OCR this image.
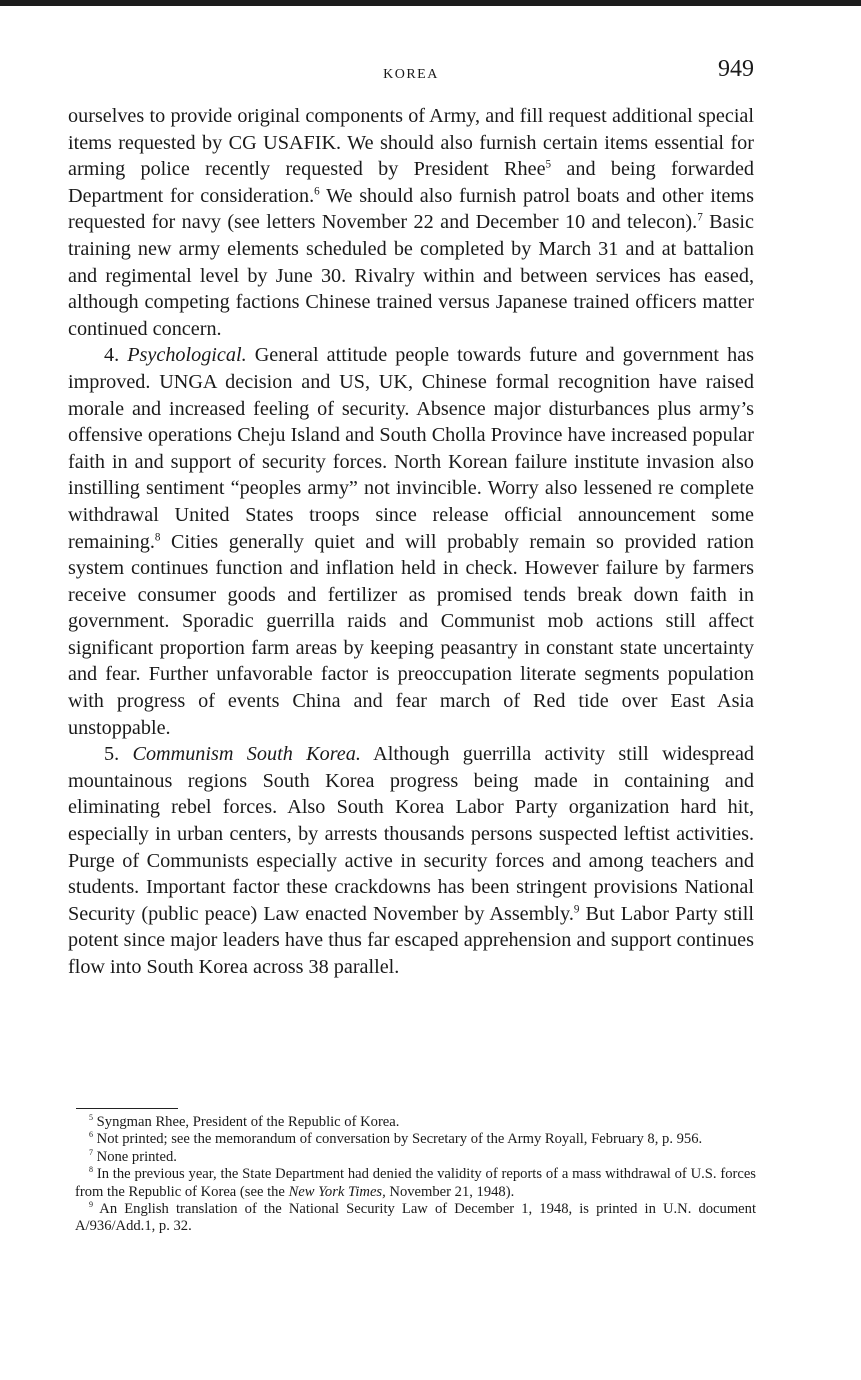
KOREA	949

ourselves to provide original components of Army, and fill request additional special items requested by CG USAFIK. We should also furnish certain items essential for arming police recently requested by President Rhee$^5$ and being forwarded Department for consideration.$^6$ We should also furnish patrol boats and other items requested for navy (see letters November 22 and December 10 and telecon).$^7$ Basic training new army elements scheduled be completed by March 31 and at battalion and regimental level by June 30. Rivalry within and between services has eased, although competing factions Chinese trained versus Japanese trained officers matter continued concern.

4. Psychological. General attitude people towards future and government has improved. UNGA decision and US, UK, Chinese formal recognition have raised morale and increased feeling of security. Absence major disturbances plus army’s offensive operations Cheju Island and South Cholla Province have increased popular faith in and support of security forces. North Korean failure institute invasion also instilling sentiment “peoples army” not invincible. Worry also lessened re complete withdrawal United States troops since release official announcement some remaining.$^8$ Cities generally quiet and will probably remain so provided ration system continues function and inflation held in check. However failure by farmers receive consumer goods and fertilizer as promised tends break down faith in government. Sporadic guerrilla raids and Communist mob actions still affect significant proportion farm areas by keeping peasantry in constant state uncertainty and fear. Further unfavorable factor is preoccupation literate segments population with progress of events China and fear march of Red tide over East Asia unstoppable.

5. Communism South Korea. Although guerrilla activity still widespread mountainous regions South Korea progress being made in containing and eliminating rebel forces. Also South Korea Labor Party organization hard hit, especially in urban centers, by arrests thousands persons suspected leftist activities. Purge of Communists especially active in security forces and among teachers and students. Important factor these crackdowns has been stringent provisions National Security (public peace) Law enacted November by Assembly.$^9$ But Labor Party still potent since major leaders have thus far escaped apprehension and support continues flow into South Korea across 38 parallel.

$^5$ Syngman Rhee, President of the Republic of Korea.

$^6$ Not printed; see the memorandum of conversation by Secretary of the Army Royall, February 8, p. 956.

$^7$ None printed.

$^8$ In the previous year, the State Department had denied the validity of reports of a mass withdrawal of U.S. forces from the Republic of Korea (see the New York Times, November 21, 1948).

$^9$ An English translation of the National Security Law of December 1, 1948, is printed in U.N. document A/936/Add.1, p. 32.
